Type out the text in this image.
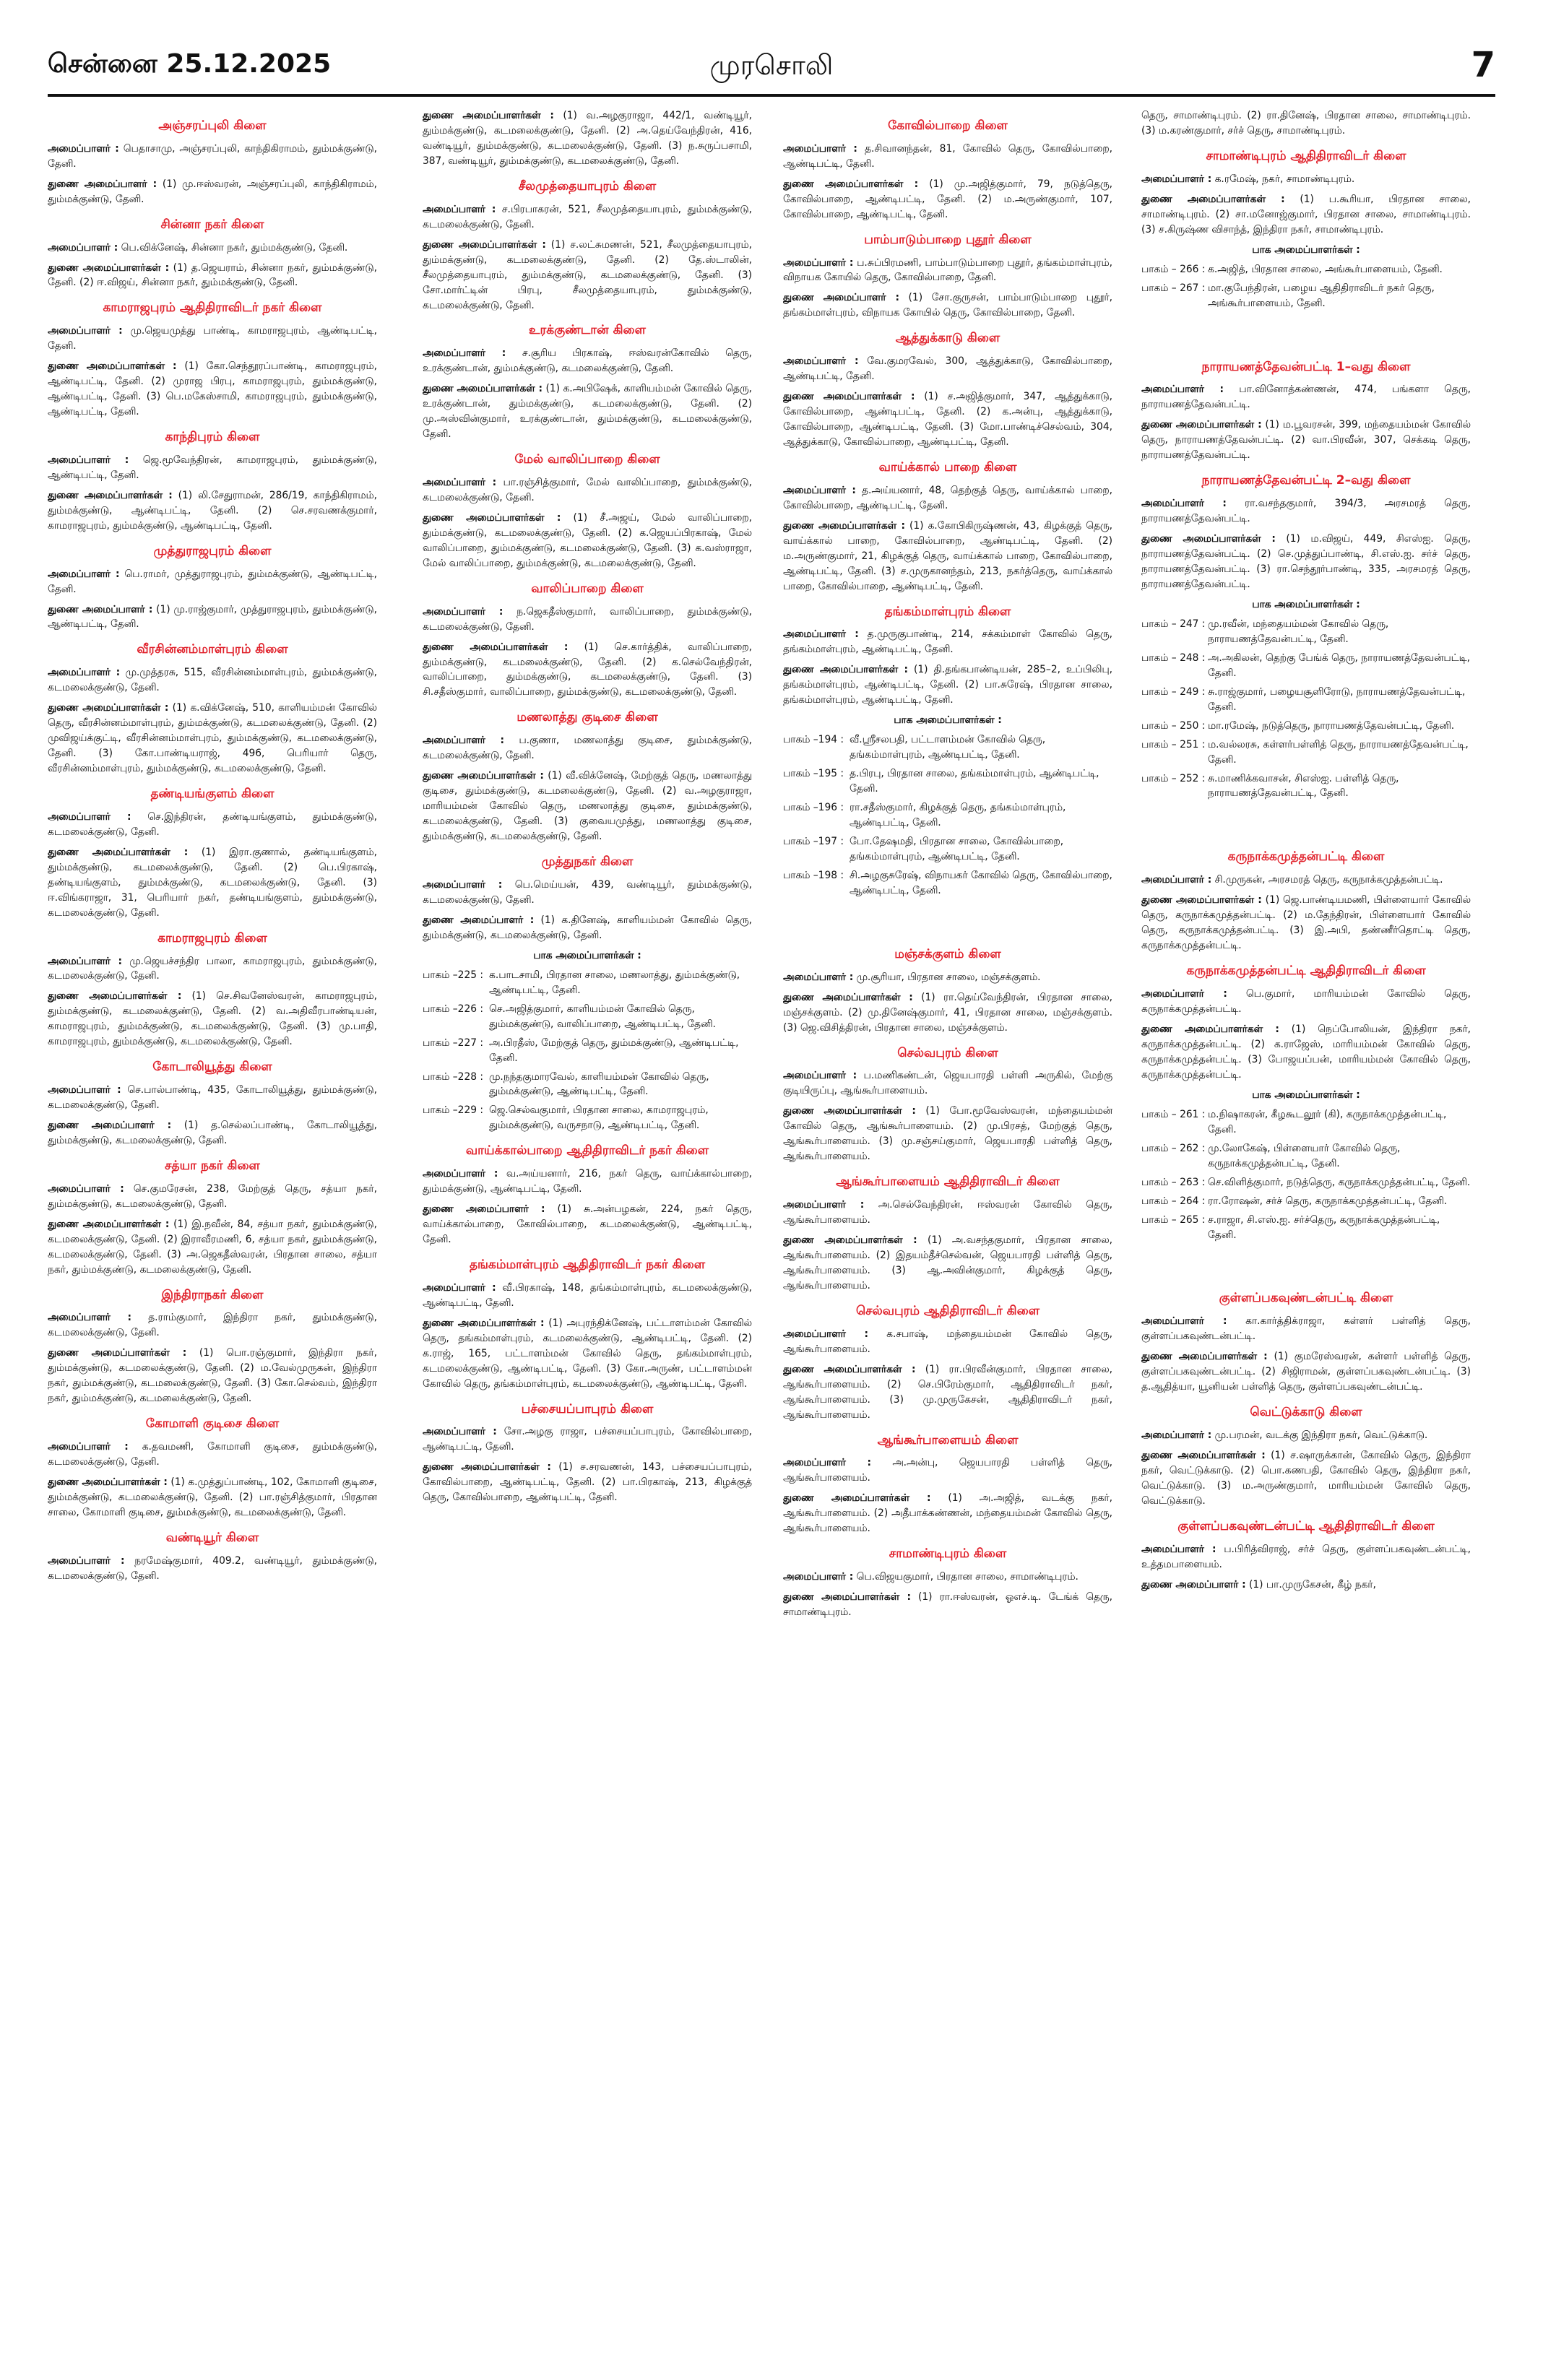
சென்னை 25.12.2025	முரசொலி	7
அஞ்சரப்புலி கிளை
அமைப்பாளர் : பெதாசாமு, அஞ்சரப்புலி, காந்திகிராமம், தும்மக்குண்டு, தேனி.
துணை அமைப்பாளர் : (1) மு.ஈஸ்வரன், அஞ்சரப்புலி, காந்திகிராமம், தும்மக்குண்டு, தேனி.
சின்னா நகர் கிளை
அமைப்பாளர் : பெ.விக்னேஷ், சின்னா நகர், தும்மக்குண்டு, தேனி.
துணை அமைப்பாளர்கள் : (1) த.ஜெயராம், சின்னா நகர், தும்மக்குண்டு, தேனி. (2) ஈ.விஜய், சின்னா நகர், தும்மக்குண்டு, தேனி.
காமராஜபுரம் ஆதிதிராவிடர் நகர் கிளை
அமைப்பாளர் : மு.ஜெயமுத்து பாண்டி, காமராஜபுரம், ஆண்டிபட்டி, தேனி.
துணை அமைப்பாளர்கள் : (1) கோ.செந்தூரப்பாண்டி, காமராஜபுரம், ஆண்டிபட்டி, தேனி. (2) முராஜ பிரபு, காமராஜபுரம், தும்மக்குண்டு, ஆண்டிபட்டி, தேனி. (3) பெ.மகேஸ்சாமி, காமராஜபுரம், தும்மக்குண்டு, ஆண்டிபட்டி, தேனி.
காந்திபுரம் கிளை
அமைப்பாளர் : ஜெ.மூவேந்திரன், காமராஜபுரம், தும்மக்குண்டு, ஆண்டிபட்டி, தேனி.
துணை அமைப்பாளர்கள் : (1) லி.சேதுராமன், 286/19, காந்திகிராமம், தும்மக்குண்டு, ஆண்டிபட்டி, தேனி. (2) செ.சரவணக்குமார், காமராஜபுரம், தும்மக்குண்டு, ஆண்டிபட்டி, தேனி.
முத்துராஜபுரம் கிளை
அமைப்பாளர் : பெ.ராமர், முத்துராஜபுரம், தும்மக்குண்டு, ஆண்டிபட்டி, தேனி.
துணை அமைப்பாளர் : (1) மு.ராஜ்குமார், முத்துராஜபுரம், தும்மக்குண்டு, ஆண்டிபட்டி, தேனி.
வீரசின்னம்மாள்புரம் கிளை
அமைப்பாளர் : மு.முத்தரசு, 515, வீரசின்னம்மாள்புரம், தும்மக்குண்டு, கடமலைக்குண்டு, தேனி.
துணை அமைப்பாளர்கள் : (1) க.விக்னேஷ், 510, காளியம்மன் கோவில் தெரு, வீரசின்னம்மாள்புரம், தும்மக்குண்டு, கடமலைக்குண்டு, தேனி. (2) முவிஜய்க்குட்டி, வீரசின்னம்மாள்புரம், தும்மக்குண்டு, கடமலைக்குண்டு, தேனி. (3) கோ.பாண்டியராஜ், 496, பெரியார் தெரு, வீரசின்னம்மாள்புரம், தும்மக்குண்டு, கடமலைக்குண்டு, தேனி.
தண்டியங்குளம் கிளை
அமைப்பாளர் : செ.இந்திரன், தண்டியங்குளம், தும்மக்குண்டு, கடமலைக்குண்டு, தேனி.
துணை அமைப்பாளர்கள் : (1) இரா.குணால், தண்டியங்குளம், தும்மக்குண்டு, கடமலைக்குண்டு, தேனி. (2) பெ.பிரகாஷ், தண்டியங்குளம், தும்மக்குண்டு, கடமலைக்குண்டு, தேனி. (3) ஈ.விங்கராஜா, 31, பெரியார் நகர், தண்டியங்குளம், தும்மக்குண்டு, கடமலைக்குண்டு, தேனி.
காமராஜபுரம் கிளை
அமைப்பாளர் : மு.ஜெயச்சந்திர பாலா, காமராஜபுரம், தும்மக்குண்டு, கடமலைக்குண்டு, தேனி.
துணை அமைப்பாளர்கள் : (1) செ.சிவனேஸ்வரன், காமராஜபுரம், தும்மக்குண்டு, கடமலைக்குண்டு, தேனி. (2) வ.அதிவீரபாண்டியன், காமராஜபுரம், தும்மக்குண்டு, கடமலைக்குண்டு, தேனி. (3) மு.பாதி, காமராஜபுரம், தும்மக்குண்டு, கடமலைக்குண்டு, தேனி.
கோடாலியூத்து கிளை
அமைப்பாளர் : செ.பால்பாண்டி, 435, கோடாலியூத்து, தும்மக்குண்டு, கடமலைக்குண்டு, தேனி.
துணை அமைப்பாளர் : (1) த.செல்லப்பாண்டி, கோடாலியூத்து, தும்மக்குண்டு, கடமலைக்குண்டு, தேனி.
சத்யா நகர் கிளை
அமைப்பாளர் : செ.குமரேசன், 238, மேற்குத் தெரு, சத்யா நகர், தும்மக்குண்டு, கடமலைக்குண்டு, தேனி.
துணை அமைப்பாளர்கள் : (1) இ.நவீன், 84, சத்யா நகர், தும்மக்குண்டு, கடமலைக்குண்டு, தேனி. (2) இராவீரமணி, 6, சத்யா நகர், தும்மக்குண்டு, கடமலைக்குண்டு, தேனி. (3) அ.ஜெகதீஸ்வரன், பிரதான சாலை, சத்யா நகர், தும்மக்குண்டு, கடமலைக்குண்டு, தேனி.
இந்திராநகர் கிளை
அமைப்பாளர் : த.ராம்குமார், இந்திரா நகர், தும்மக்குண்டு, கடமலைக்குண்டு, தேனி.
துணை அமைப்பாளர்கள் : (1) பொ.ரஞ்குமார், இந்திரா நகர், தும்மக்குண்டு, கடமலைக்குண்டு, தேனி. (2) ம.வேல்முருகன், இந்திரா நகர், தும்மக்குண்டு, கடமலைக்குண்டு, தேனி. (3) கோ.செல்வம், இந்திரா நகர், தும்மக்குண்டு, கடமலைக்குண்டு, தேனி.
கோமாளி குடிசை கிளை
அமைப்பாளர் : க.தவமணி, கோமாளி குடிசை, தும்மக்குண்டு, கடமலைக்குண்டு, தேனி.
துணை அமைப்பாளர்கள் : (1) க.முத்துப்பாண்டி, 102, கோமாளி குடிசை, தும்மக்குண்டு, கடமலைக்குண்டு, தேனி. (2) பா.ரஞ்சித்குமார், பிரதான சாலை, கோமாளி குடிசை, தும்மக்குண்டு, கடமலைக்குண்டு, தேனி.
வண்டியூர் கிளை
அமைப்பாளர் : நரமேஷ்குமார், 409.2, வண்டியூர், தும்மக்குண்டு, கடமலைக்குண்டு, தேனி.
துணை அமைப்பாளர்கள் : (1) வ.அழகுராஜா, 442/1, வண்டியூர், தும்மக்குண்டு, கடமலைக்குண்டு, தேனி. (2) அ.தெய்வேந்திரன், 416, வண்டியூர், தும்மக்குண்டு, கடமலைக்குண்டு, தேனி. (3) ந.சுருப்பசாமி, 387, வண்டியூர், தும்மக்குண்டு, கடமலைக்குண்டு, தேனி.
சீலமுத்தையாபுரம் கிளை
அமைப்பாளர் : ச.பிரபாகரன், 521, சீலமுத்தையாபுரம், தும்மக்குண்டு, கடமலைக்குண்டு, தேனி.
துணை அமைப்பாளர்கள் : (1) ச.லட்சுமணன், 521, சீலமுத்தையாபுரம், தும்மக்குண்டு, கடமலைக்குண்டு, தேனி. (2) தே.ஸ்டாலின், சீலமுத்தையாபுரம், தும்மக்குண்டு, கடமலைக்குண்டு, தேனி. (3) சோ.மார்ட்டின் பிரபு, சீலமுத்தையாபுரம், தும்மக்குண்டு, கடமலைக்குண்டு, தேனி.
உரக்குண்டான் கிளை
அமைப்பாளர் : ச.சூரிய பிரகாஷ், ஈஸ்வரன்கோவில் தெரு, உரக்குண்டான், தும்மக்குண்டு, கடமலைக்குண்டு, தேனி.
துணை அமைப்பாளர்கள் : (1) க.அபிஷேக், காளியம்மன் கோவில் தெரு, உரக்குண்டான், தும்மக்குண்டு, கடமலைக்குண்டு, தேனி. (2) மு.அஸ்வின்குமார், உரக்குண்டான், தும்மக்குண்டு, கடமலைக்குண்டு, தேனி.
மேல் வாலிப்பாறை கிளை
அமைப்பாளர் : பா.ரஞ்சித்குமார், மேல் வாலிப்பாறை, தும்மக்குண்டு, கடமலைக்குண்டு, தேனி.
துணை அமைப்பாளர்கள் : (1) சீ.அஜய், மேல் வாலிப்பாறை, தும்மக்குண்டு, கடமலைக்குண்டு, தேனி. (2) க.ஜெயப்பிரகாஷ், மேல் வாலிப்பாறை, தும்மக்குண்டு, கடமலைக்குண்டு, தேனி. (3) க.வஸ்ராஜா, மேல் வாலிப்பாறை, தும்மக்குண்டு, கடமலைக்குண்டு, தேனி.
வாலிப்பாறை கிளை
அமைப்பாளர் : ந.ஜெகதீஸ்குமார், வாலிப்பாறை, தும்மக்குண்டு, கடமலைக்குண்டு, தேனி.
துணை அமைப்பாளர்கள் : (1) செ.கார்த்திக், வாலிப்பாறை, தும்மக்குண்டு, கடமலைக்குண்டு, தேனி. (2) க.செல்வேந்திரன், வாலிப்பாறை, தும்மக்குண்டு, கடமலைக்குண்டு, தேனி. (3) சி.சதீஸ்குமார், வாலிப்பாறை, தும்மக்குண்டு, கடமலைக்குண்டு, தேனி.
மணலாத்து குடிசை கிளை
அமைப்பாளர் : ப.குணா, மணலாத்து குடிசை, தும்மக்குண்டு, கடமலைக்குண்டு, தேனி.
துணை அமைப்பாளர்கள் : (1) வீ.விக்னேஷ், மேற்குத் தெரு, மணலாத்து குடிசை, தும்மக்குண்டு, கடமலைக்குண்டு, தேனி. (2) வ.அழகுராஜா, மாரியம்மன் கோவில் தெரு, மணலாத்து குடிசை, தும்மக்குண்டு, கடமலைக்குண்டு, தேனி. (3) குவையமுத்து, மணலாத்து குடிசை, தும்மக்குண்டு, கடமலைக்குண்டு, தேனி.
முத்துநகர் கிளை
அமைப்பாளர் : பெ.மெய்யன், 439, வண்டியூர், தும்மக்குண்டு, கடமலைக்குண்டு, தேனி.
துணை அமைப்பாளர் : (1) க.தினேஷ், காளியம்மன் கோவில் தெரு, தும்மக்குண்டு, கடமலைக்குண்டு, தேனி.
பாக அமைப்பாளர்கள் :
பாகம் –225 : க.பாடசாமி, பிரதான சாலை, மணலாத்து, தும்மக்குண்டு, ஆண்டிபட்டி, தேனி.
பாகம் –226 : செ.அஜித்குமார், காளியம்மன் கோவில் தெரு, தும்மக்குண்டு, வாலிப்பாறை, ஆண்டிபட்டி, தேனி.
பாகம் –227 : அ.பிரதீஸ், மேற்குத் தெரு, தும்மக்குண்டு, ஆண்டிபட்டி, தேனி.
பாகம் –228 : மு.நந்தகுமாரவேல், காளியம்மன் கோவில் தெரு, தும்மக்குண்டு, ஆண்டிபட்டி, தேனி.
பாகம் –229 : ஜெ.செல்வகுமார், பிரதான சாலை, காமராஜபுரம், தும்மக்குண்டு, வருசநாடு, ஆண்டிபட்டி, தேனி.
வாய்க்கால்பாறை ஆதிதிராவிடர் நகர் கிளை
அமைப்பாளர் : வ.அய்யனார், 216, நகர் தெரு, வாய்க்கால்பாறை, தும்மக்குண்டு, ஆண்டிபட்டி, தேனி.
துணை அமைப்பாளர் : (1) சு.அன்பழகன், 224, நகர் தெரு, வாய்க்கால்பாறை, கோவில்பாறை, கடமலைக்குண்டு, ஆண்டிபட்டி, தேனி.
தங்கம்மாள்புரம் ஆதிதிராவிடர் நகர் கிளை
அமைப்பாளர் : வீ.பிரகாஷ், 148, தங்கம்மாள்புரம், கடமலைக்குண்டு, ஆண்டிபட்டி, தேனி.
துணை அமைப்பாளர்கள் : (1) அபுரந்திக்னேஷ், பட்டாளம்மன் கோவில் தெரு, தங்கம்மாள்புரம், கடமலைக்குண்டு, ஆண்டிபட்டி, தேனி. (2) க.ராஜ், 165, பட்டாளம்மன் கோவில் தெரு, தங்கம்மாள்புரம், கடமலைக்குண்டு, ஆண்டிபட்டி, தேனி. (3) கோ.அருண், பட்டாளம்மன் கோவில் தெரு, தங்கம்மாள்புரம், கடமலைக்குண்டு, ஆண்டிபட்டி, தேனி.
பச்சையப்பாபுரம் கிளை
அமைப்பாளர் : சோ.அழகு ராஜா, பச்சையப்பாபுரம், கோவில்பாறை, ஆண்டிபட்டி, தேனி.
துணை அமைப்பாளர்கள் : (1) ச.சரவணன், 143, பச்சையப்பாபுரம், கோவில்பாறை, ஆண்டிபட்டி, தேனி. (2) பா.பிரகாஷ், 213, கிழக்குத் தெரு, கோவில்பாறை, ஆண்டிபட்டி, தேனி.
கோவில்பாறை கிளை
அமைப்பாளர் : த.சிவானந்தன், 81, கோவில் தெரு, கோவில்பாறை, ஆண்டிபட்டி, தேனி.
துணை அமைப்பாளர்கள் : (1) மு.அஜித்குமார், 79, நடுத்தெரு, கோவில்பாறை, ஆண்டிபட்டி, தேனி. (2) ம.அருண்குமார், 107, கோவில்பாறை, ஆண்டிபட்டி, தேனி.
பாம்பாடும்பாறை புதூர் கிளை
அமைப்பாளர் : ப.சுப்பிரமணி, பாம்பாடும்பாறை புதூர், தங்கம்மாள்புரம், விநாயக கோயில் தெரு, கோவில்பாறை, தேனி.
துணை அமைப்பாளர் : (1) சோ.குருசன், பாம்பாடும்பாறை புதூர், தங்கம்மாள்புரம், விநாயக கோயில் தெரு, கோவில்பாறை, தேனி.
ஆத்துக்காடு கிளை
அமைப்பாளர் : வே.குமரவேல், 300, ஆத்துக்காடு, கோவில்பாறை, ஆண்டிபட்டி, தேனி.
துணை அமைப்பாளர்கள் : (1) ச.அஜித்குமார், 347, ஆத்துக்காடு, கோவில்பாறை, ஆண்டிபட்டி, தேனி. (2) க.அன்பு, ஆத்துக்காடு, கோவில்பாறை, ஆண்டிபட்டி, தேனி. (3) மோ.பாண்டிச்செல்வம், 304, ஆத்துக்காடு, கோவில்பாறை, ஆண்டிபட்டி, தேனி.
வாய்க்கால் பாறை கிளை
அமைப்பாளர் : த.அய்யனார், 48, தெற்குத் தெரு, வாய்க்கால் பாறை, கோவில்பாறை, ஆண்டிபட்டி, தேனி.
துணை அமைப்பாளர்கள் : (1) க.கோபிகிருஷ்ணன், 43, கிழக்குத் தெரு, வாய்க்கால் பாறை, கோவில்பாறை, ஆண்டிபட்டி, தேனி. (2) ம.அருண்குமார், 21, கிழக்குத் தெரு, வாய்க்கால் பாறை, கோவில்பாறை, ஆண்டிபட்டி, தேனி. (3) ச.முருகானந்தம், 213, நகர்த்தெரு, வாய்க்கால் பாறை, கோவில்பாறை, ஆண்டிபட்டி, தேனி.
தங்கம்மாள்புரம் கிளை
அமைப்பாளர் : த.முருகுபாண்டி, 214, சக்கம்மாள் கோவில் தெரு, தங்கம்மாள்புரம், ஆண்டிபட்டி, தேனி.
துணை அமைப்பாளர்கள் : (1) தி.தங்கபாண்டியன், 285–2, உப்பிலிபு, தங்கம்மாள்புரம், ஆண்டிபட்டி, தேனி. (2) பா.சுரேஷ், பிரதான சாலை, தங்கம்மாள்புரம், ஆண்டிபட்டி, தேனி.
பாக அமைப்பாளர்கள் :
பாகம் –194 : வீ.ஸ்ரீசலபதி, பட்டாளம்மன் கோவில் தெரு, தங்கம்மாள்புரம், ஆண்டிபட்டி, தேனி.
பாகம் –195 : த.பிரபு, பிரதான சாலை, தங்கம்மாள்புரம், ஆண்டிபட்டி, தேனி.
பாகம் –196 : ரா.சதீஸ்குமார், கிழக்குத் தெரு, தங்கம்மாள்புரம், ஆண்டிபட்டி, தேனி.
பாகம் –197 : போ.தேஷமதி, பிரதான சாலை, கோவில்பாறை, தங்கம்மாள்புரம், ஆண்டிபட்டி, தேனி.
பாகம் –198 : சி.அழகுசுரேஷ், விநாயகர் கோவில் தெரு, கோவில்பாறை, ஆண்டிபட்டி, தேனி.
மஞ்சக்குளம் கிளை
அமைப்பாளர் : மு.சூரியா, பிரதான சாலை, மஞ்சக்குளம்.
துணை அமைப்பாளர்கள் : (1) ரா.தெய்வேந்திரன், பிரதான சாலை, மஞ்சக்குளம். (2) மு.தினேஷ்குமார், 41, பிரதான சாலை, மஞ்சக்குளம். (3) ஜெ.விசித்திரன், பிரதான சாலை, மஞ்சக்குளம்.
செல்வபுரம் கிளை
அமைப்பாளர் : ப.மணிகண்டன், ஜெயபாரதி பள்ளி அருகில், மேற்கு குடியிருப்பு, ஆங்கூர்பாளையம்.
துணை அமைப்பாளர்கள் : (1) போ.மூவேஸ்வரன், மந்தையம்மன் கோவில் தெரு, ஆங்கூர்பாளையம். (2) மு.பிரசத், மேற்குத் தெரு, ஆங்கூர்பாளையம். (3) மு.சஞ்சய்குமார், ஜெயபாரதி பள்ளித் தெரு, ஆங்கூர்பாளையம்.
ஆங்கூர்பாளையம் ஆதிதிராவிடர் கிளை
அமைப்பாளர் : அ.செல்வேந்திரன், ஈஸ்வரன் கோவில் தெரு, ஆங்கூர்பாளையம்.
துணை அமைப்பாளர்கள் : (1) அ.வசந்தகுமார், பிரதான சாலை, ஆங்கூர்பாளையம். (2) இதயம்தீச்செல்வன், ஜெயபாரதி பள்ளித் தெரு, ஆங்கூர்பாளையம். (3) ஆ.அவின்குமார், கிழக்குத் தெரு, ஆங்கூர்பாளையம்.
செல்வபுரம் ஆதிதிராவிடர் கிளை
அமைப்பாளர் : க.சபாஷ், மந்தையம்மன் கோவில் தெரு, ஆங்கூர்பாளையம்.
துணை அமைப்பாளர்கள் : (1) ரா.பிரவீன்குமார், பிரதான சாலை, ஆங்கூர்பாளையம். (2) செ.பிரேம்குமார், ஆதிதிராவிடர் நகர், ஆங்கூர்பாளையம். (3) மு.முருகேசன், ஆதிதிராவிடர் நகர், ஆங்கூர்பாளையம்.
ஆங்கூர்பாளையம் கிளை
அமைப்பாளர் : அ.அன்பு, ஜெயபாரதி பள்ளித் தெரு, ஆங்கூர்பாளையம்.
துணை அமைப்பாளர்கள் : (1) அ.அஜித், வடக்கு நகர், ஆங்கூர்பாளையம். (2) அதீபாக்கண்ணன், மந்தையம்மன் கோவில் தெரு, ஆங்கூர்பாளையம்.
சாமாண்டிபுரம் கிளை
அமைப்பாளர் : பெ.விஜயகுமார், பிரதான சாலை, சாமாண்டிபுரம்.
துணை அமைப்பாளர்கள் : (1) ரா.ஈஸ்வரன், ஓஎச்.டி. டேங்க் தெரு, சாமாண்டிபுரம்.
தெரு, சாமாண்டிபுரம். (2) ரா.தினேஷ், பிரதான சாலை, சாமாண்டிபுரம். (3) ம.கரண்குமார், சர்ச் தெரு, சாமாண்டிபுரம்.
சாமாண்டிபுரம் ஆதிதிராவிடர் கிளை
அமைப்பாளர் : க.ரமேஷ், நகர், சாமாண்டிபுரம்.
துணை அமைப்பாளர்கள் : (1) ப.கூரியா, பிரதான சாலை, சாமாண்டிபுரம். (2) சா.மனோஜ்குமார், பிரதான சாலை, சாமாண்டிபுரம். (3) ச.கிருஷ்ண விசாந்த், இந்திரா நகர், சாமாண்டிபுரம்.
பாக அமைப்பாளர்கள் :
பாகம் – 266 : க.அஜித், பிரதான சாலை, அங்கூர்பாளையம், தேனி.
பாகம் – 267 : மா.குபேந்திரன், பழைய ஆதிதிராவிடர் நகர் தெரு, அங்கூர்பாளையம், தேனி.
நாராயணத்தேவன்பட்டி 1–வது கிளை
அமைப்பாளர் : பா.வினோத்கண்ணன், 474, பங்களா தெரு, நாராயணத்தேவன்பட்டி.
துணை அமைப்பாளர்கள் : (1) ம.பூவரசன், 399, மந்தையம்மன் கோவில் தெரு, நாராயணத்தேவன்பட்டி. (2) வா.பிரவீன், 307, செக்கடி தெரு, நாராயணத்தேவன்பட்டி.
நாராயணத்தேவன்பட்டி 2–வது கிளை
அமைப்பாளர் : ரா.வசந்தகுமார், 394/3, அரசமரத் தெரு, நாராயணத்தேவன்பட்டி.
துணை அமைப்பாளர்கள் : (1) ம.விஜய், 449, சிஎஸ்ஐ. தெரு, நாராயணத்தேவன்பட்டி. (2) செ.முத்துப்பாண்டி, சி.எஸ்.ஐ. சர்ச் தெரு, நாராயணத்தேவன்பட்டி. (3) ரா.செந்தூர்பாண்டி, 335, அரசமரத் தெரு, நாராயணத்தேவன்பட்டி.
பாக அமைப்பாளர்கள் :
பாகம் – 247 : மு.ரவீன், மந்தையம்மன் கோவில் தெரு, நாராயணத்தேவன்பட்டி, தேனி.
பாகம் – 248 : அ.அகிலன், தெற்கு பேங்க் தெரு, நாராயணத்தேவன்பட்டி, தேனி.
பாகம் – 249 : சு.ராஜ்குமார், பழையசூளிரோடு, நாராயணத்தேவன்பட்டி, தேனி.
பாகம் – 250 : மா.ரமேஷ், நடுத்தெரு, நாராயணத்தேவன்பட்டி, தேனி.
பாகம் – 251 : ம.வல்லரசு, கள்ளர்பள்ளித் தெரு, நாராயணத்தேவன்பட்டி, தேனி.
பாகம் – 252 : சு.மாணிக்கவாசன், சிஎஸ்ஐ. பள்ளித் தெரு, நாராயணத்தேவன்பட்டி, தேனி.
கருநாக்கமுத்தன்பட்டி கிளை
அமைப்பாளர் : சி.முருகன், அரசமரத் தெரு, கருநாக்கமுத்தன்பட்டி.
துணை அமைப்பாளர்கள் : (1) ஜெ.பாண்டியமணி, பிள்ளையார் கோவில் தெரு, கருநாக்கமுத்தன்பட்டி. (2) ம.தேந்திரன், பிள்ளையார் கோவில் தெரு, கருநாக்கமுத்தன்பட்டி. (3) இ.அபி, தண்ணீர்தொட்டி தெரு, கருநாக்கமுத்தன்பட்டி.
கருநாக்கமுத்தன்பட்டி ஆதிதிராவிடர் கிளை
அமைப்பாளர் : பெ.குமார், மாரியம்மன் கோவில் தெரு, கருநாக்கமுத்தன்பட்டி.
துணை அமைப்பாளர்கள் : (1) நெப்போலியன், இந்திரா நகர், கருநாக்கமுத்தன்பட்டி. (2) க.ராஜேஸ், மாரியம்மன் கோவில் தெரு, கருநாக்கமுத்தன்பட்டி. (3) போஜயப்பன், மாரியம்மன் கோவில் தெரு, கருநாக்கமுத்தன்பட்டி.
பாக அமைப்பாளர்கள் :
பாகம் – 261 : ம.நிஷாகரன், கீழகூடலூர் (கி), கருநாக்கமுத்தன்பட்டி, தேனி.
பாகம் – 262 : மு.லோகேஷ், பிள்ளையார் கோவில் தெரு, கருநாக்கமுத்தன்பட்டி, தேனி.
பாகம் – 263 : செ.விளித்குமார், நடுத்தெரு, கருநாக்கமுத்தன்பட்டி, தேனி.
பாகம் – 264 : ரா.ரோஷன், சர்ச் தெரு, கருநாக்கமுத்தன்பட்டி, தேனி.
பாகம் – 265 : ச.ராஜா, சி.எஸ்.ஐ. சர்ச்தெரு, கருநாக்கமுத்தன்பட்டி, தேனி.
குள்ளப்பகவுண்டன்பட்டி கிளை
அமைப்பாளர் : கா.கார்த்திக்ராஜா, கள்ளர் பள்ளித் தெரு, குள்ளப்பகவுண்டன்பட்டி.
துணை அமைப்பாளர்கள் : (1) குமரேஸ்வரன், கள்ளர் பள்ளித் தெரு, குள்ளப்பகவுண்டன்பட்டி. (2) சிஜிராமன், குள்ளப்பகவுண்டன்பட்டி. (3) த.ஆதித்யா, யூனியன் பள்ளித் தெரு, குள்ளப்பகவுண்டன்பட்டி.
வெட்டுக்காடு கிளை
அமைப்பாளர் : மு.பரமன், வடக்கு இந்திரா நகர், வெட்டுக்காடு.
துணை அமைப்பாளர்கள் : (1) ச.ஷாருக்கான், கோவில் தெரு, இந்திரா நகர், வெட்டுக்காடு. (2) பொ.கணபதி, கோவில் தெரு, இந்திரா நகர், வெட்டுக்காடு. (3) ம.அருண்குமார், மாரியம்மன் கோவில் தெரு, வெட்டுக்காடு.
குள்ளப்பகவுண்டன்பட்டி ஆதிதிராவிடர் கிளை
அமைப்பாளர் : ப.பிரித்விராஜ், சர்ச் தெரு, குள்ளப்பகவுண்டன்பட்டி, உத்தமபாளையம்.
துணை அமைப்பாளர் : (1) பா.முருகேசன், கீழ் நகர்,
